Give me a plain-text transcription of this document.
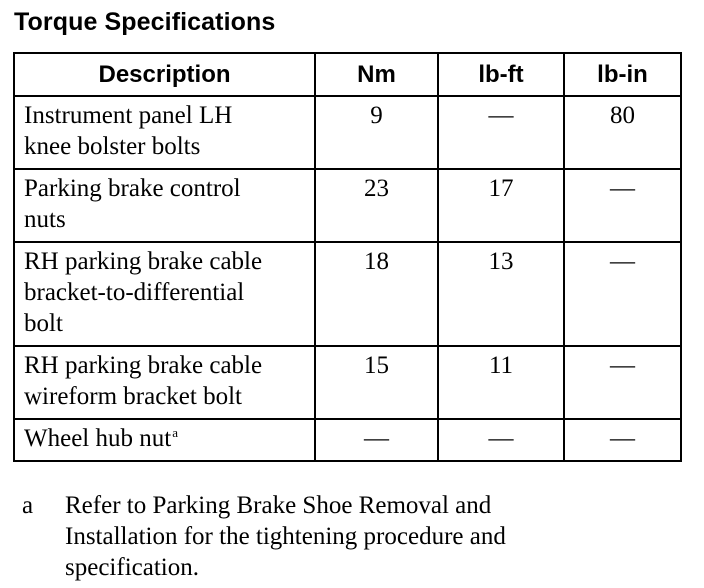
Torque Specifications
Description	Nm	lb-ft	lb-in
Instrument panel LH
knee bolster bolts	9	—	80
Parking brake control
nuts	23	17	—
RH parking brake cable
bracket-to-differential
bolt	18	13	—
RH parking brake cable
wireform bracket bolt	15	11	—
Wheel hub nut$^a$	—	—	—
a Refer to Parking Brake Shoe Removal and
Installation for the tightening procedure and
specification.
